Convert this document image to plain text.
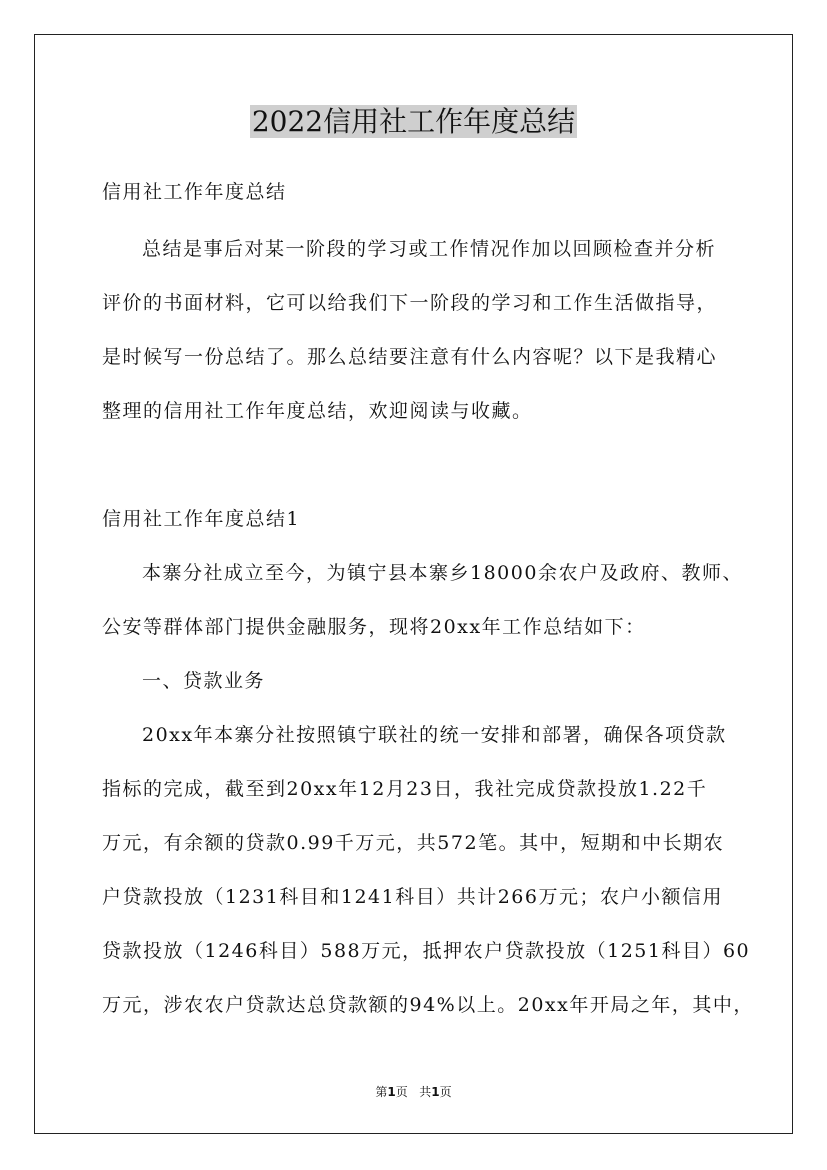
2022信用社工作年度总结

信用社工作年度总结

总结是事后对某一阶段的学习或工作情况作加以回顾检查并分析

评价的书面材料，它可以给我们下一阶段的学习和工作生活做指导，

是时候写一份总结了。那么总结要注意有什么内容呢？以下是我精心

整理的信用社工作年度总结，欢迎阅读与收藏。

信用社工作年度总结1

本寨分社成立至今，为镇宁县本寨乡18000余农户及政府、教师、

公安等群体部门提供金融服务，现将20xx年工作总结如下：

一、贷款业务

20xx年本寨分社按照镇宁联社的统一安排和部署，确保各项贷款

指标的完成，截至到20xx年12月23日，我社完成贷款投放1.22千

万元，有余额的贷款0.99千万元，共572笔。其中，短期和中长期农

户贷款投放（1231科目和1241科目）共计266万元；农户小额信用

贷款投放（1246科目）588万元，抵押农户贷款投放（1251科目）60

万元，涉农农户贷款达总贷款额的94%以上。20xx年开局之年，其中，

第1页   共1页
